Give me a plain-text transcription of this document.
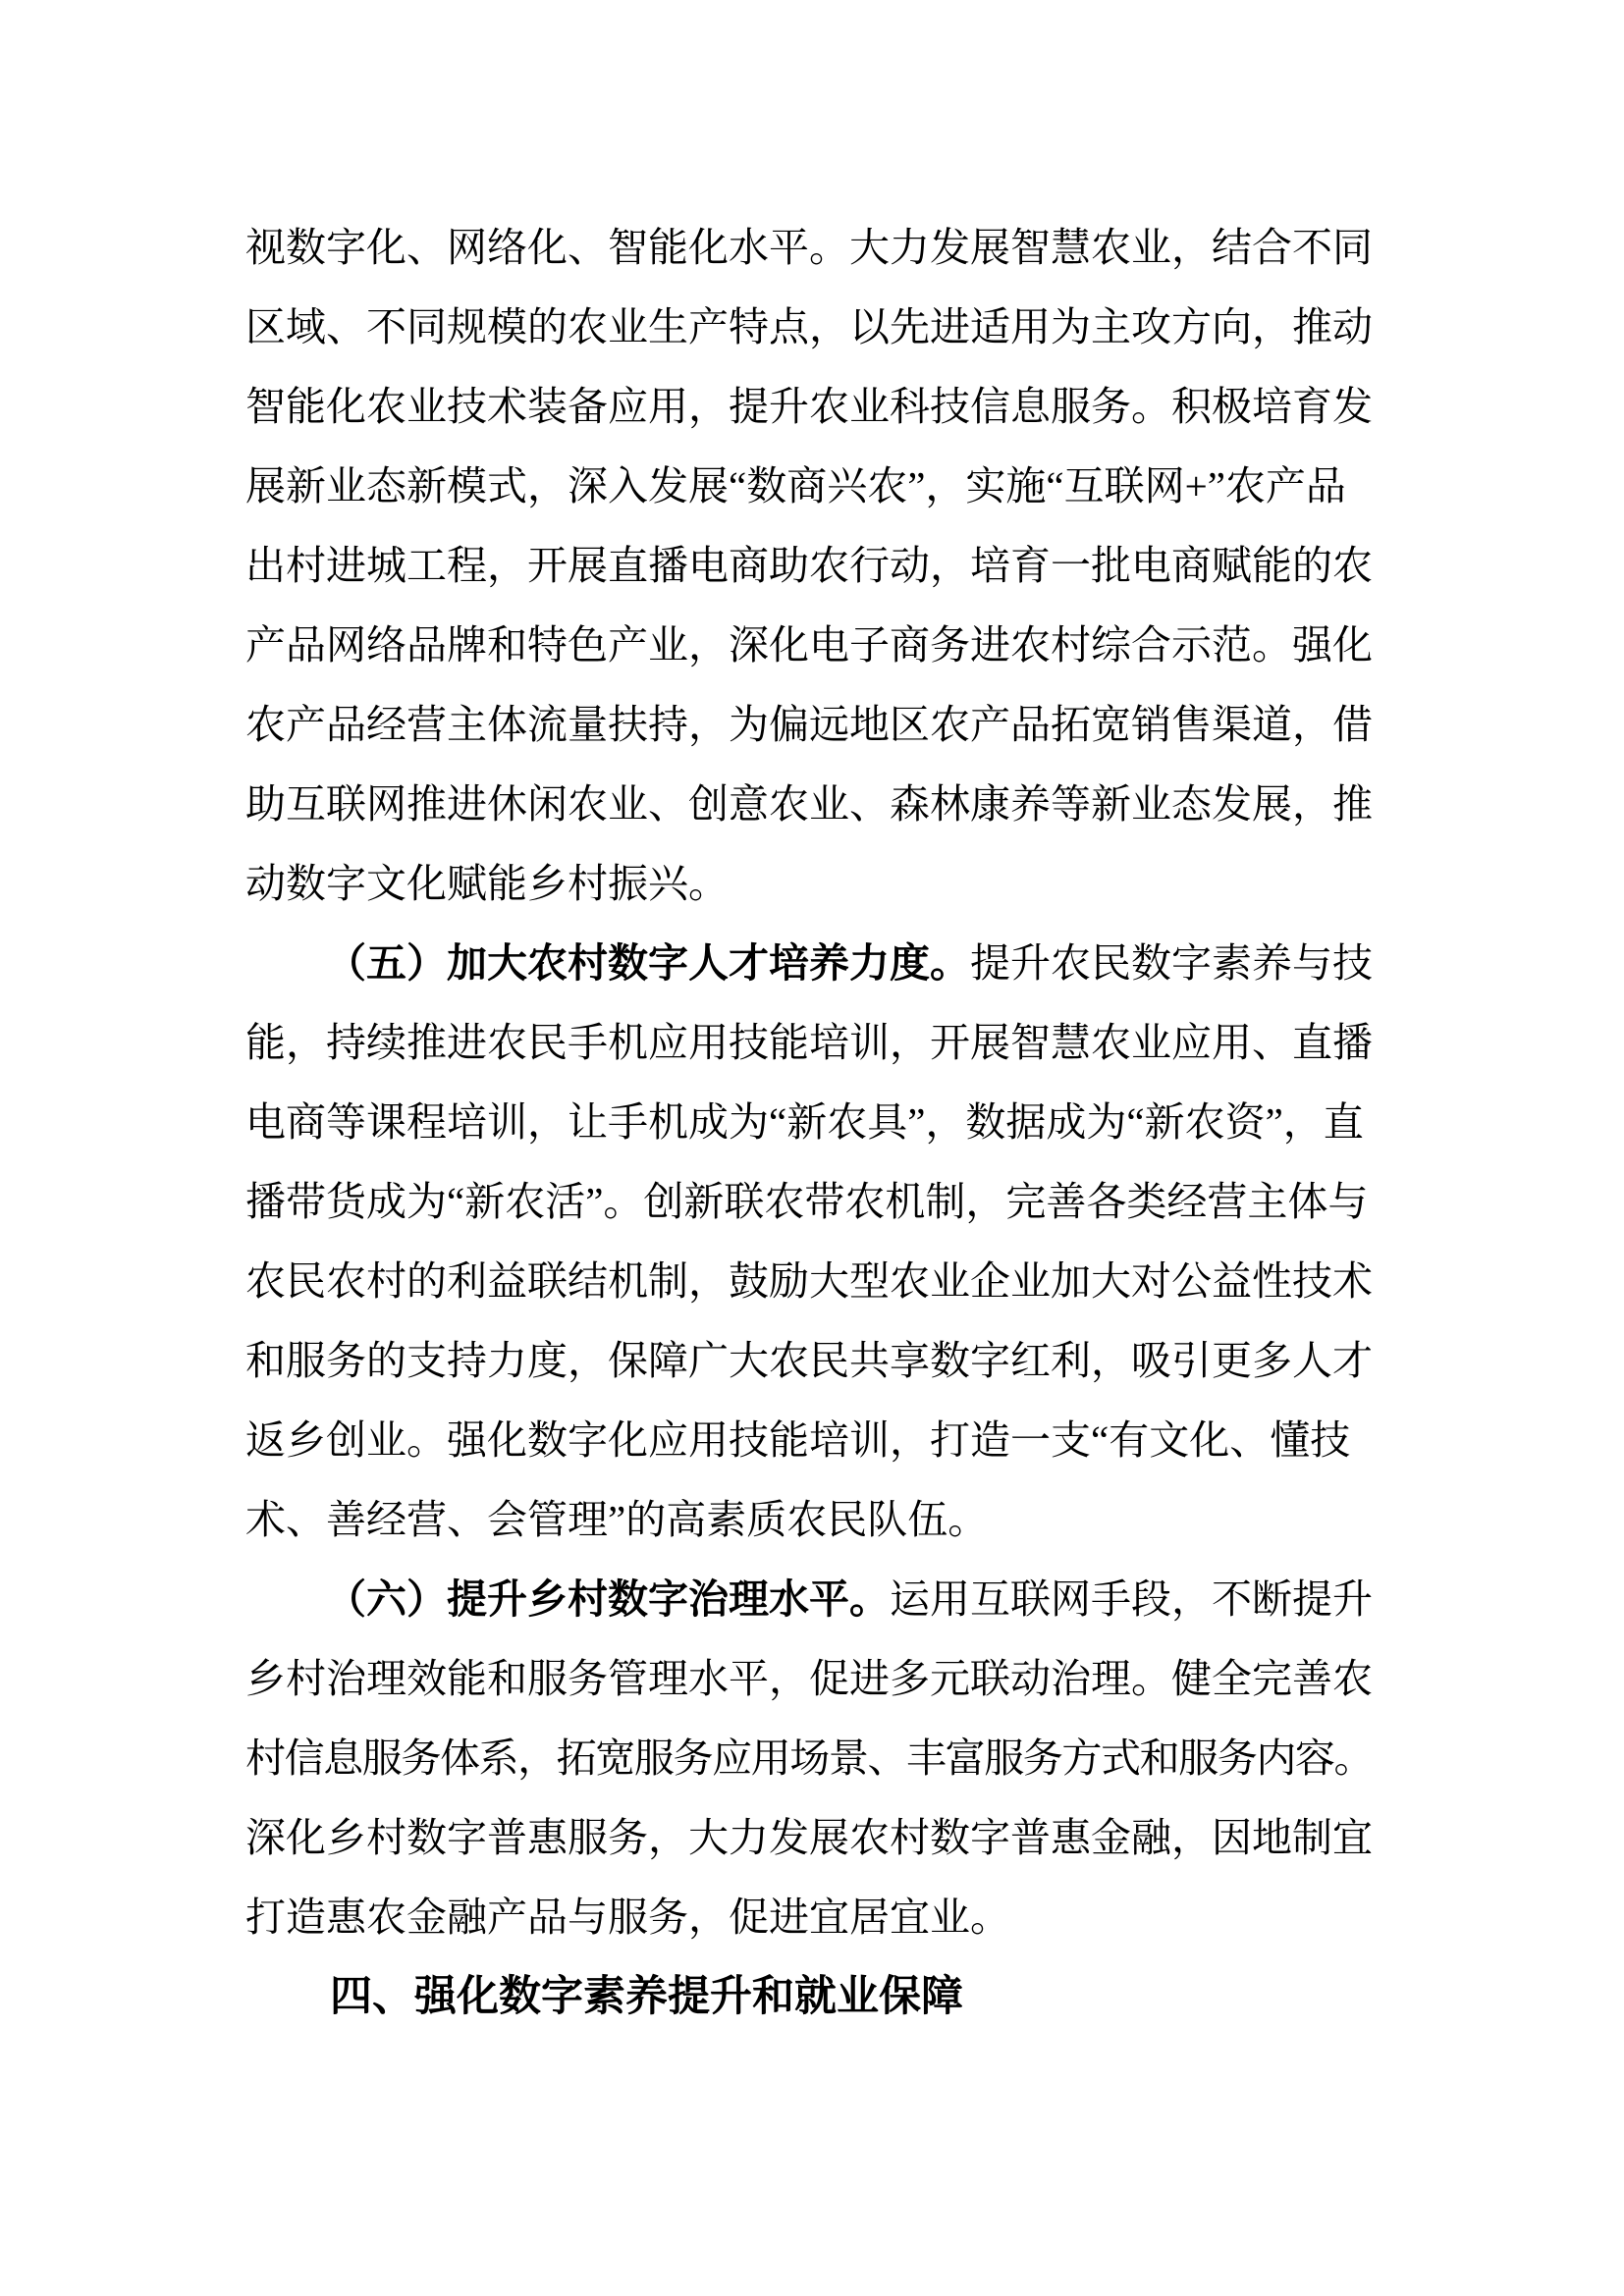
视数字化、网络化、智能化水平。大力发展智慧农业，结合不同
区域、不同规模的农业生产特点，以先进适用为主攻方向，推动
智能化农业技术装备应用，提升农业科技信息服务。积极培育发
展新业态新模式，深入发展“数商兴农”，实施“互联网+”农产品
出村进城工程，开展直播电商助农行动，培育一批电商赋能的农
产品网络品牌和特色产业，深化电子商务进农村综合示范。强化
农产品经营主体流量扶持，为偏远地区农产品拓宽销售渠道，借
助互联网推进休闲农业、创意农业、森林康养等新业态发展，推
动数字文化赋能乡村振兴。
（五）加大农村数字人才培养力度。提升农民数字素养与技
能，持续推进农民手机应用技能培训，开展智慧农业应用、直播
电商等课程培训，让手机成为“新农具”，数据成为“新农资”，直
播带货成为“新农活”。创新联农带农机制，完善各类经营主体与
农民农村的利益联结机制，鼓励大型农业企业加大对公益性技术
和服务的支持力度，保障广大农民共享数字红利，吸引更多人才
返乡创业。强化数字化应用技能培训，打造一支“有文化、懂技
术、善经营、会管理”的高素质农民队伍。
（六）提升乡村数字治理水平。运用互联网手段，不断提升
乡村治理效能和服务管理水平，促进多元联动治理。健全完善农
村信息服务体系，拓宽服务应用场景、丰富服务方式和服务内容。
深化乡村数字普惠服务，大力发展农村数字普惠金融，因地制宜
打造惠农金融产品与服务，促进宜居宜业。
四、强化数字素养提升和就业保障
